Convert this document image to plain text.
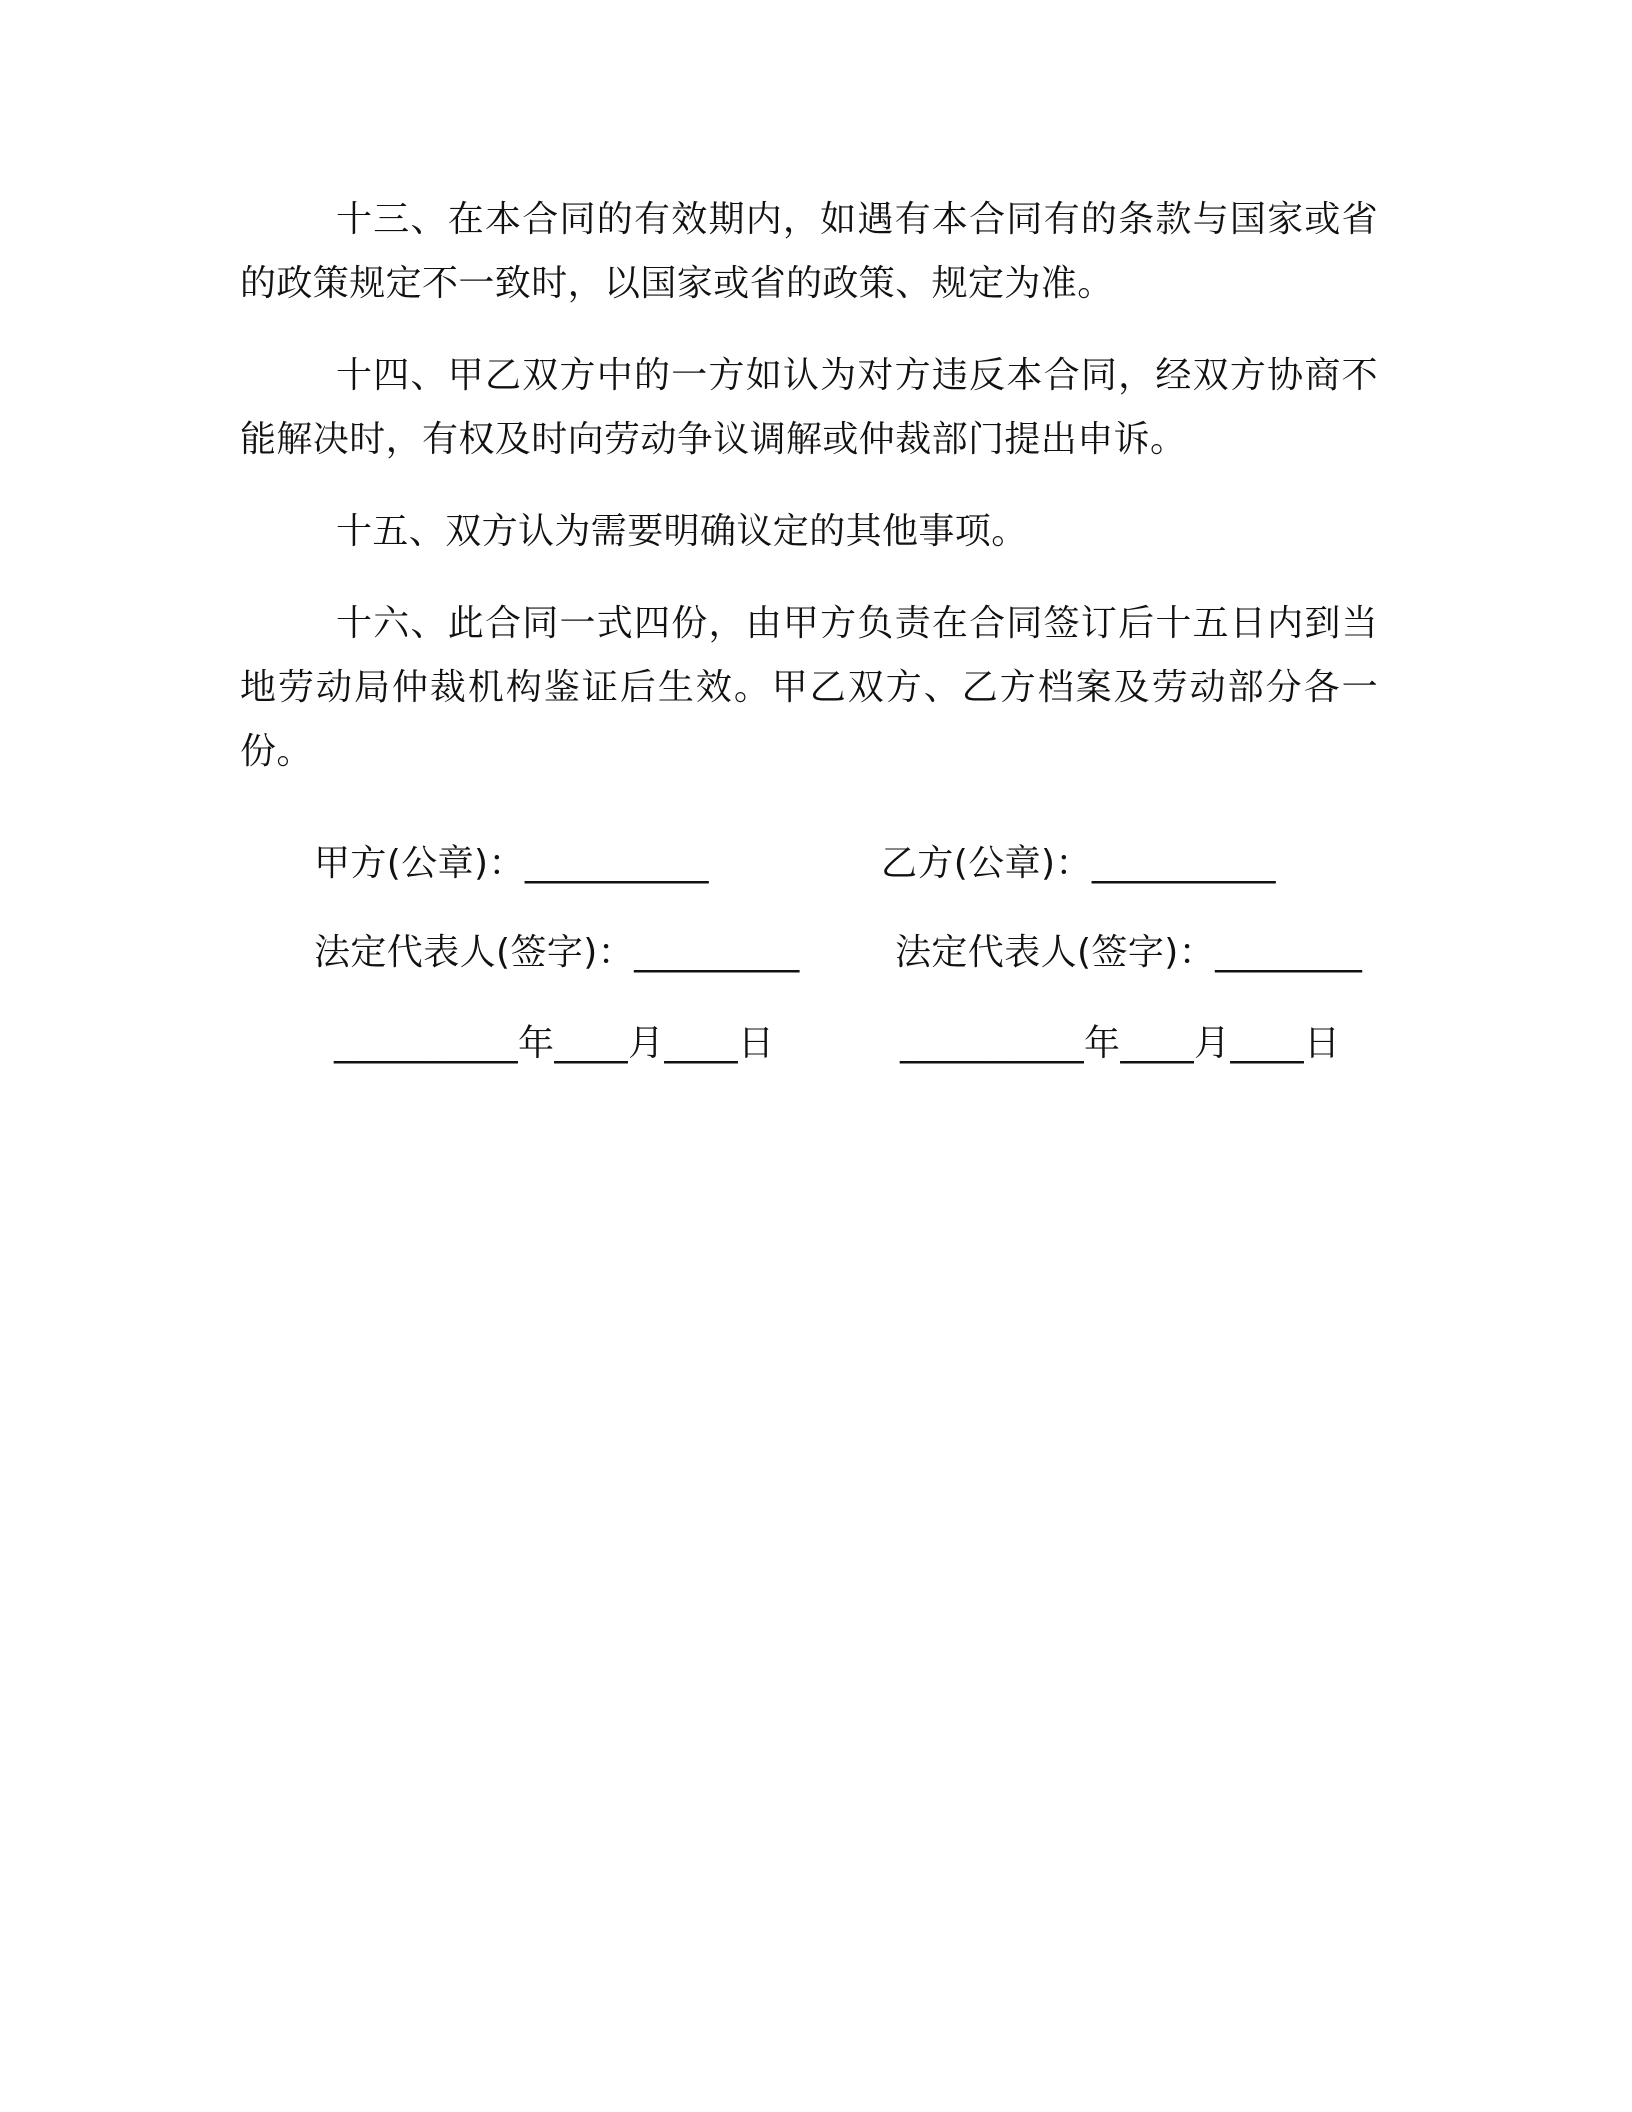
十三、在本合同的有效期内，如遇有本合同有的条款与国家或省的政策规定不一致时，以国家或省的政策、规定为准。

十四、甲乙双方中的一方如认为对方违反本合同，经双方协商不能解决时，有权及时向劳动争议调解或仲裁部门提出申诉。

十五、双方认为需要明确议定的其他事项。

十六、此合同一式四份，由甲方负责在合同签订后十五日内到当地劳动局仲裁机构鉴证后生效。甲乙双方、乙方档案及劳动部分各一份。

甲方(公章)：__________	乙方(公章)：__________
法定代表人(签字)：_________	法定代表人(签字)：________
__________年____月____日	__________年____月____日
